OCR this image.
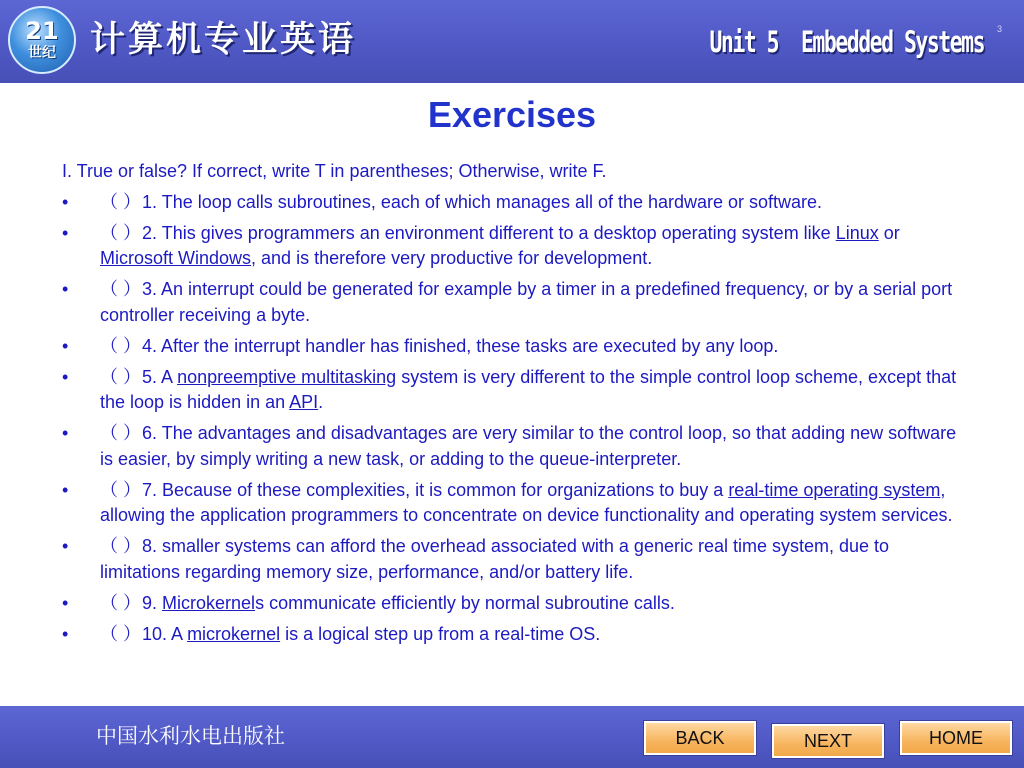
21
世纪 计算机专业英语	Unit 5  Embedded Systems 3
Exercises
I. True or false? If correct, write T in parentheses; Otherwise, write F.
• （ ）1. The loop calls subroutines, each of which manages all of the hardware or software.
• （ ）2. This gives programmers an environment different to a desktop operating system like Linux or Microsoft Windows, and is therefore very productive for development.
• （ ）3. An interrupt could be generated for example by a timer in a predefined frequency, or by a serial port controller receiving a byte.
• （ ）4. After the interrupt handler has finished, these tasks are executed by any loop.
• （ ）5. A nonpreemptive multitasking system is very different to the simple control loop scheme, except that the loop is hidden in an API.
• （ ）6. The advantages and disadvantages are very similar to the control loop, so that adding new software is easier, by simply writing a new task, or adding to the queue-interpreter.
• （ ）7. Because of these complexities, it is common for organizations to buy a real-time operating system, allowing the application programmers to concentrate on device functionality and operating system services.
• （ ）8. smaller systems can afford the overhead associated with a generic real time system, due to limitations regarding memory size, performance, and/or battery life.
• （ ）9. Microkernels communicate efficiently by normal subroutine calls.
• （ ）10. A microkernel is a logical step up from a real-time OS.
中国水利水电出版社	BACK	NEXT	HOME
